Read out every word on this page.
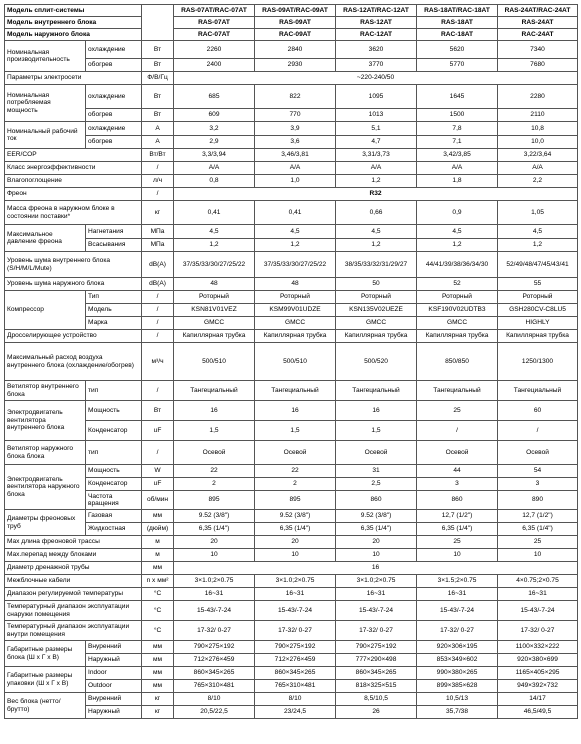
Модель сплит-системы			RAS-07AT/RAC-07AT	RAS-09AT/RAC-09AT	RAS-12AT/RAC-12AT	RAS-18AT/RAC-18AT	RAS-24AT/RAC-24AT
Модель внутреннего блока			RAS-07AT	RAS-09AT	RAS-12AT	RAS-18AT	RAS-24AT
Модель наружного блока			RAC-07AT	RAC-09AT	RAC-12AT	RAC-18AT	RAC-24AT
Номинальная производительность	охлаждение	Вт	2260	2840	3620	5620	7340
	обогрев	Вт	2400	2930	3770	5770	7680
Параметры электросети		Ф/В/Гц	~220-240/50				
Номинальная потребляемая мощность	охлаждение	Вт	685	822	1095	1645	2280
	обогрев	Вт	609	770	1013	1500	2110
Номинальный рабочий ток	охлаждение	А	3,2	3,9	5,1	7,8	10,8
	обогрев	А	2,9	3,6	4,7	7,1	10,0
EER/COP		Вт/Вт	3,3/3,94	3,46/3,81	3,31/3,73	3,42/3,85	3,22/3,64
Класс энергоэффективности		/	A/A	A/A	A/A	A/A	A/A
Влагопоглощение		л/ч	0,8	1,0	1,2	1,8	2,2
Фреон		/	R32				
Масса фреона в наружном блоке в состоянии поставки*		кг	0,41	0,41	0,66	0,9	1,05
Максимальное давление фреона	Нагнетания	МПа	4,5	4,5	4,5	4,5	4,5
	Всасывания	МПа	1,2	1,2	1,2	1,2	1,2
Уровень шума внутреннего блока (S/H/M/L/Mute)		dB(A)	37/35/33/30/27/25/22	37/35/33/30/27/25/22	38/35/33/32/31/29/27	44/41/39/38/36/34/30	52/49/48/47/45/43/41
Уровень шума наружного блока		dB(A)	48	48	50	52	55
Компрессор	Тип	/	Роторный	Роторный	Роторный	Роторный	Роторный
	Модель	/	KSN81V01VEZ	KSM99V01UDZE	KSN135V02UEZE	KSF190V02UDTB3	GSH280CV-C8LU5
	Марка	/	GMCC	GMCC	GMCC	GMCC	HIGHLY
Дросселирующее устройство		/	Капиллярная трубка	Капиллярная трубка	Капиллярная трубка	Капиллярная трубка	Капиллярная трубка
Максимальный расход воздуха внутреннего блока (охлаждение/обогрев)		м³/ч	500/510	500/510	500/520	850/850	1250/1300
Ветилятор внутреннего блока	тип	/	Тангециальный	Тангециальный	Тангециальный	Тангециальный	Тангециальный
Электродвигатель вентилятора внутреннего блока	Мощность	Вт	16	16	16	25	60
	Конденсатор	uF	1,5	1,5	1,5	/	/
Ветилятор наружного блока блока	тип	/	Осевой	Осевой	Осевой	Осевой	Осевой
Электродвигатель вентилятора наружного блока	Мощность	W	22	22	31	44	54
	Конденсатор	uF	2	2	2,5	3	3
	Частота вращения	об/мин	895	895	860	860	890
Диаметры фреоновых труб	Газовая	мм	9.52 (3/8")	9.52 (3/8")	9.52 (3/8")	12,7 (1/2")	12,7 (1/2")
	Жидкостная	(дюйм)	6,35 (1/4")	6,35 (1/4")	6,35 (1/4")	6,35 (1/4")	6,35 (1/4")
Max длина фреоновой трассы		м	20	20	20	25	25
Max.перепад между блоками		м	10	10	10	10	10
Диаметр дренажной трубы		мм	16				
Межблочные кабели		n x мм²	3×1.0;2×0.75	3×1.0;2×0.75	3×1.0;2×0.75	3×1.5;2×0.75	4×0.75;2×0.75
Диапазон регулируемой температуры		°С	16~31	16~31	16~31	16~31	16~31
Температурный диапазон эксплуатации снаружи помещения		°С	15-43/-7-24	15-43/-7-24	15-43/-7-24	15-43/-7-24	15-43/-7-24
Температурный диапазон эксплуатации внутри помещения		°С	17-32/ 0-27	17-32/ 0-27	17-32/ 0-27	17-32/ 0-27	17-32/ 0-27
Габаритные размеры блока (Ш х Г х В)	Внуренний	мм	790×275×192	790×275×192	790×275×192	920×306×195	1100×332×222
	Наружный	мм	712×276×459	712×276×459	777×290×498	853×349×602	920×380×699
Габаритные размеры упаковки (Ш х Г х В)	Indoor	мм	860×345×265	860×345×265	860×345×265	990×380×265	1165×405×295
	Outdoor	мм	765×310×481	765×310×481	818×325×515	899×385×628	949×392×732
Вес блока (нетто/брутто)	Внуренний	кг	8/10	8/10	8,5/10,5	10,5/13	14/17
	Наружный	кг	20,5/22,5	23/24,5	26	35,7/38	46,5/49,5
